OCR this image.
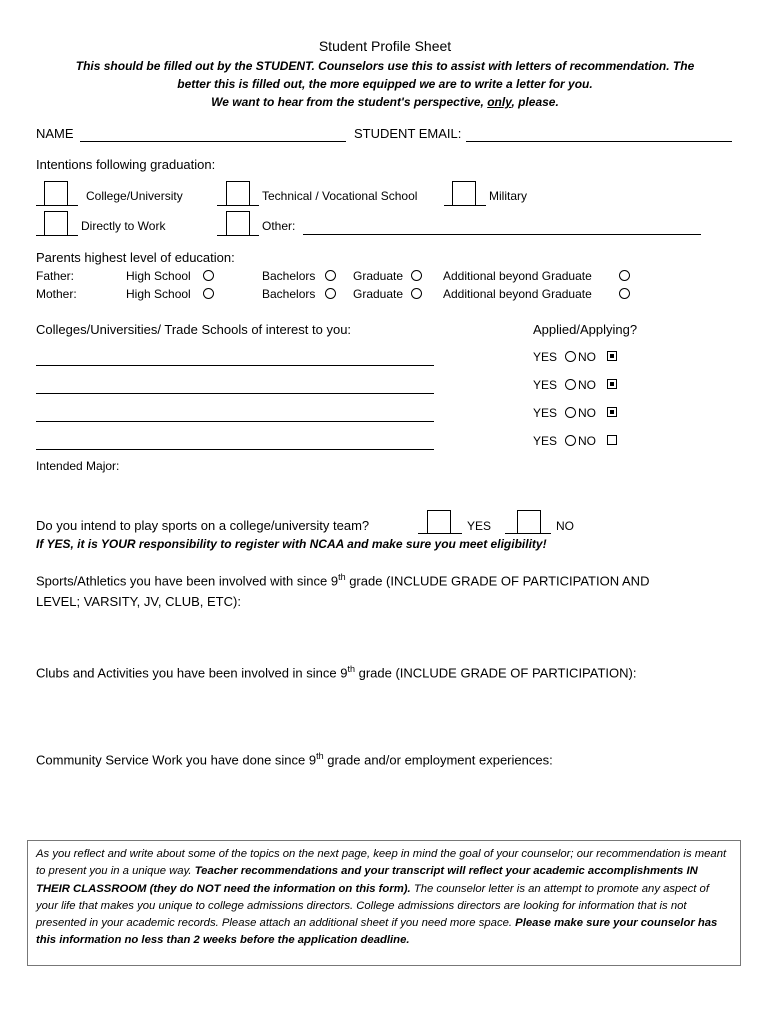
Student Profile Sheet
This should be filled out by the STUDENT. Counselors use this to assist with letters of recommendation. The
better this is filled out, the more equipped we are to write a letter for you.
We want to hear from the student's perspective, only, please.
NAME	STUDENT EMAIL:
Intentions following graduation:
College/University	Technical / Vocational School	Military
Directly to Work	Other:
Parents highest level of education:
Father:	High School	Bachelors	Graduate	Additional beyond Graduate
Mother:	High School	Bachelors	Graduate	Additional beyond Graduate
Colleges/Universities/ Trade Schools of interest to you:	Applied/Applying?
YES NO
YES NO
YES NO
YES NO
Intended Major:
Do you intend to play sports on a college/university team?	YES	NO
If YES, it is YOUR responsibility to register with NCAA and make sure you meet eligibility!
Sports/Athletics you have been involved with since 9th grade (INCLUDE GRADE OF PARTICIPATION AND
LEVEL; VARSITY, JV, CLUB, ETC):
Clubs and Activities you have been involved in since 9th grade (INCLUDE GRADE OF PARTICIPATION):
Community Service Work you have done since 9th grade and/or employment experiences:
As you reflect and write about some of the topics on the next page, keep in mind the goal of your counselor; our recommendation is meant to present you in a unique way. Teacher recommendations and your transcript will reflect your academic accomplishments IN THEIR CLASSROOM (they do NOT need the information on this form). The counselor letter is an attempt to promote any aspect of your life that makes you unique to college admissions directors. College admissions directors are looking for information that is not presented in your academic records. Please attach an additional sheet if you need more space. Please make sure your counselor has this information no less than 2 weeks before the application deadline.
